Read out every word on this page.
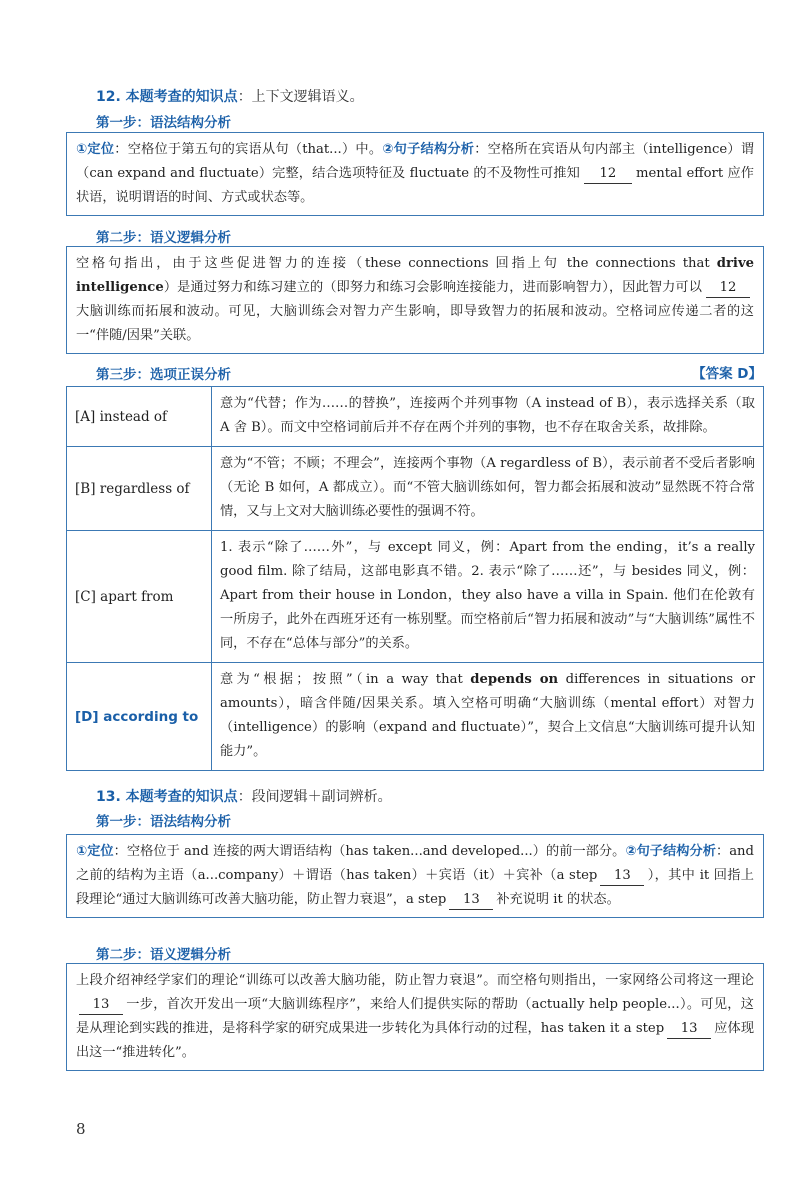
12. 本题考查的知识点：上下文逻辑语义。
第一步：语法结构分析
①定位：空格位于第五句的宾语从句（that...）中。②句子结构分析：空格所在宾语从句内部主（intelligence）谓（can expand and fluctuate）完整，结合选项特征及 fluctuate 的不及物性可推知 12 mental effort 应作状语，说明谓语的时间、方式或状态等。
第二步：语义逻辑分析
空格句指出，由于这些促进智力的连接（these connections 回指上句 the connections that drive intelligence）是通过努力和练习建立的（即努力和练习会影响连接能力，进而影响智力），因此智力可以 12大脑训练而拓展和波动。可见，大脑训练会对智力产生影响，即导致智力的拓展和波动。空格词应传递二者的这一“伴随/因果”关联。
第三步：选项正误分析	【答案 D】
[A] instead of	意为“代替；作为……的替换”，连接两个并列事物（A instead of B），表示选择关系（取 A 舍 B）。而文中空格词前后并不存在两个并列的事物，也不存在取舍关系，故排除。
[B] regardless of	意为“不管；不顾；不理会”，连接两个事物（A regardless of B），表示前者不受后者影响（无论 B 如何，A 都成立）。而“不管大脑训练如何，智力都会拓展和波动”显然既不符合常情，又与上文对大脑训练必要性的强调不符。
[C] apart from	1. 表示“除了……外”，与 except 同义，例：Apart from the ending，it’s a really good film. 除了结局，这部电影真不错。2. 表示“除了……还”，与 besides 同义，例：Apart from their house in London，they also have a villa in Spain. 他们在伦敦有一所房子，此外在西班牙还有一栋别墅。而空格前后“智力拓展和波动”与“大脑训练”属性不同，不存在“总体与部分”的关系。
[D] according to	意为“根据；按照”（in a way that depends on differences in situations or amounts），暗含伴随/因果关系。填入空格可明确“大脑训练（mental effort）对智力（intelligence）的影响（expand and fluctuate）”，契合上文信息“大脑训练可提升认知能力”。
13. 本题考查的知识点：段间逻辑＋副词辨析。
第一步：语法结构分析
①定位：空格位于 and 连接的两大谓语结构（has taken...and developed...）的前一部分。②句子结构分析：and 之前的结构为主语（a...company）＋谓语（has taken）＋宾语（it）＋宾补（a step 13 ），其中 it 回指上段理论“通过大脑训练可改善大脑功能，防止智力衰退”，a step 13 补充说明 it 的状态。
第二步：语义逻辑分析
上段介绍神经学家们的理论“训练可以改善大脑功能，防止智力衰退”。而空格句则指出，一家网络公司将这一理论13 一步，首次开发出一项“大脑训练程序”，来给人们提供实际的帮助（actually help people...）。可见，这是从理论到实践的推进，是将科学家的研究成果进一步转化为具体行动的过程，has taken it a step 13 应体现出这一“推进转化”。
8
